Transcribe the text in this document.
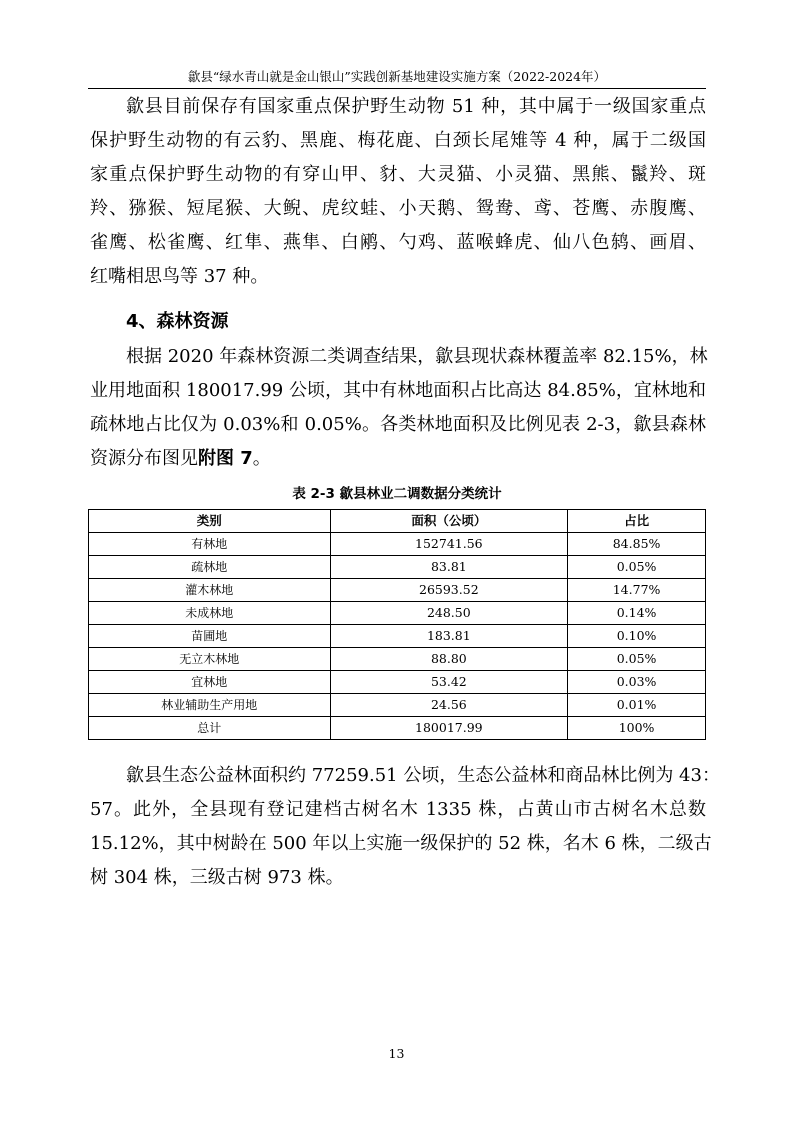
歙县“绿水青山就是金山银山”实践创新基地建设实施方案（2022-2024年）
歙县目前保存有国家重点保护野生动物 51 种，其中属于一级国家重点
保护野生动物的有云豹、黑鹿、梅花鹿、白颈长尾雉等 4 种，属于二级国
家重点保护野生动物的有穿山甲、豺、大灵猫、小灵猫、黑熊、鬣羚、斑
羚、猕猴、短尾猴、大鲵、虎纹蛙、小天鹅、鸳鸯、鸢、苍鹰、赤腹鹰、
雀鹰、松雀鹰、红隼、燕隼、白鹇、勺鸡、蓝喉蜂虎、仙八色鸫、画眉、
红嘴相思鸟等 37 种。
4、森林资源
根据 2020 年森林资源二类调查结果，歙县现状森林覆盖率 82.15%，林
业用地面积 180017.99 公顷，其中有林地面积占比高达 84.85%，宜林地和
疏林地占比仅为 0.03%和 0.05%。各类林地面积及比例见表 2-3，歙县森林
资源分布图见附图 7。
表 2-3 歙县林业二调数据分类统计
类别	面积（公顷）	占比
有林地	152741.56	84.85%
疏林地	83.81	0.05%
灌木林地	26593.52	14.77%
未成林地	248.50	0.14%
苗圃地	183.81	0.10%
无立木林地	88.80	0.05%
宜林地	53.42	0.03%
林业辅助生产用地	24.56	0.01%
总计	180017.99	100%
歙县生态公益林面积约 77259.51 公顷，生态公益林和商品林比例为 43：
57。此外，全县现有登记建档古树名木 1335 株，占黄山市古树名木总数
15.12%，其中树龄在 500 年以上实施一级保护的 52 株，名木 6 株，二级古
树 304 株，三级古树 973 株。
13
